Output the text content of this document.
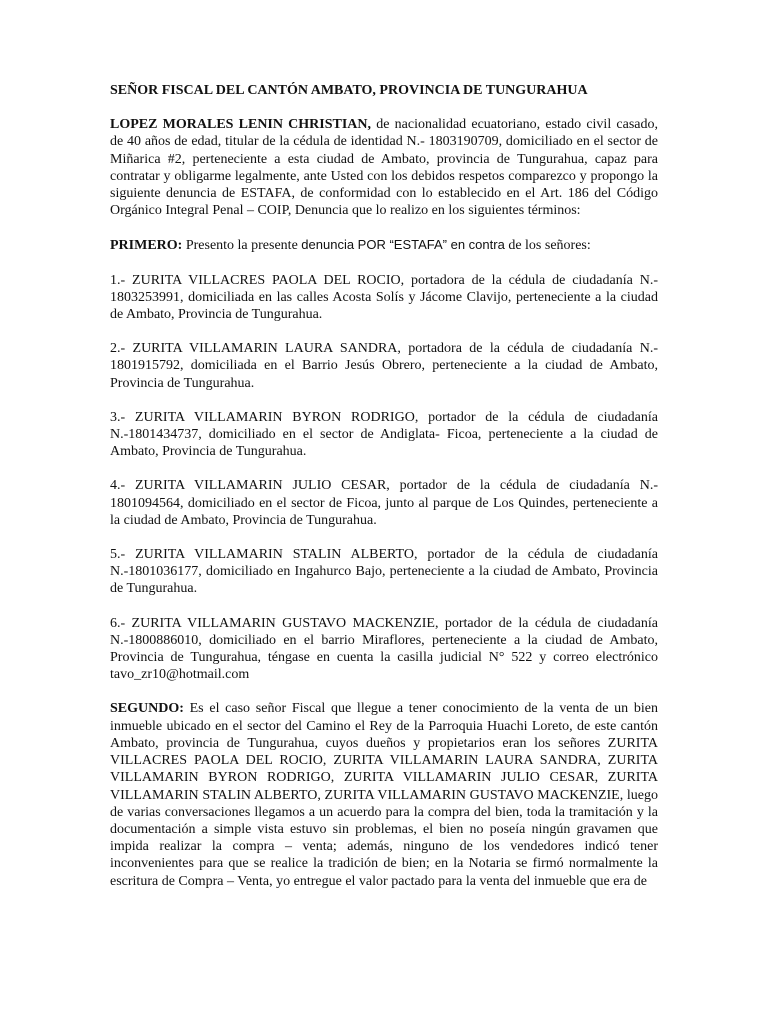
SEÑOR FISCAL DEL CANTÓN AMBATO, PROVINCIA DE TUNGURAHUA

LOPEZ MORALES LENIN CHRISTIAN, de nacionalidad ecuatoriano, estado civil casado, de 40 años de edad, titular de la cédula de identidad N.- 1803190709, domiciliado en el sector de Miñarica #2, perteneciente a esta ciudad de Ambato, provincia de Tungurahua, capaz para contratar y obligarme legalmente, ante Usted con los debidos respetos comparezco y propongo la siguiente denuncia de ESTAFA, de conformidad con lo establecido en el Art. 186 del Código Orgánico Integral Penal – COIP, Denuncia que lo realizo en los siguientes términos:

PRIMERO: Presento la presente denuncia POR “ESTAFA” en contra de los señores:

1.- ZURITA VILLACRES PAOLA DEL ROCIO, portadora de la cédula de ciudadanía N.- 1803253991, domiciliada en las calles Acosta Solís y Jácome Clavijo, perteneciente a la ciudad de Ambato, Provincia de Tungurahua.

2.- ZURITA VILLAMARIN LAURA SANDRA, portadora de la cédula de ciudadanía N.- 1801915792, domiciliada en el Barrio Jesús Obrero, perteneciente a la ciudad de Ambato, Provincia de Tungurahua.

3.- ZURITA VILLAMARIN BYRON RODRIGO, portador de la cédula de ciudadanía N.-1801434737, domiciliado en el sector de Andiglata- Ficoa, perteneciente a la ciudad de Ambato, Provincia de Tungurahua.

4.- ZURITA VILLAMARIN JULIO CESAR, portador de la cédula de ciudadanía N.- 1801094564, domiciliado en el sector de Ficoa, junto al parque de Los Quindes, perteneciente a la ciudad de Ambato, Provincia de Tungurahua.

5.- ZURITA VILLAMARIN STALIN ALBERTO, portador de la cédula de ciudadanía N.-1801036177, domiciliado en Ingahurco Bajo, perteneciente a la ciudad de Ambato, Provincia de Tungurahua.

6.- ZURITA VILLAMARIN GUSTAVO MACKENZIE, portador de la cédula de ciudadanía N.-1800886010, domiciliado en el barrio Miraflores, perteneciente a la ciudad de Ambato, Provincia de Tungurahua, téngase en cuenta la casilla judicial N° 522 y correo electrónico tavo_zr10@hotmail.com

SEGUNDO: Es el caso señor Fiscal que llegue a tener conocimiento de la venta de un bien inmueble ubicado en el sector del Camino el Rey de la Parroquia Huachi Loreto, de este cantón Ambato, provincia de Tungurahua, cuyos dueños y propietarios eran los señores ZURITA VILLACRES PAOLA DEL ROCIO, ZURITA VILLAMARIN LAURA SANDRA, ZURITA VILLAMARIN BYRON RODRIGO, ZURITA VILLAMARIN JULIO CESAR, ZURITA VILLAMARIN STALIN ALBERTO, ZURITA VILLAMARIN GUSTAVO MACKENZIE, luego de varias conversaciones llegamos a un acuerdo para la compra del bien, toda la tramitación y la documentación a simple vista estuvo sin problemas, el bien no poseía ningún gravamen que impida realizar la compra – venta; además, ninguno de los vendedores indicó tener inconvenientes para que se realice la tradición de bien; en la Notaria se firmó normalmente la escritura de Compra – Venta, yo entregue el valor pactado para la venta del inmueble que era de
